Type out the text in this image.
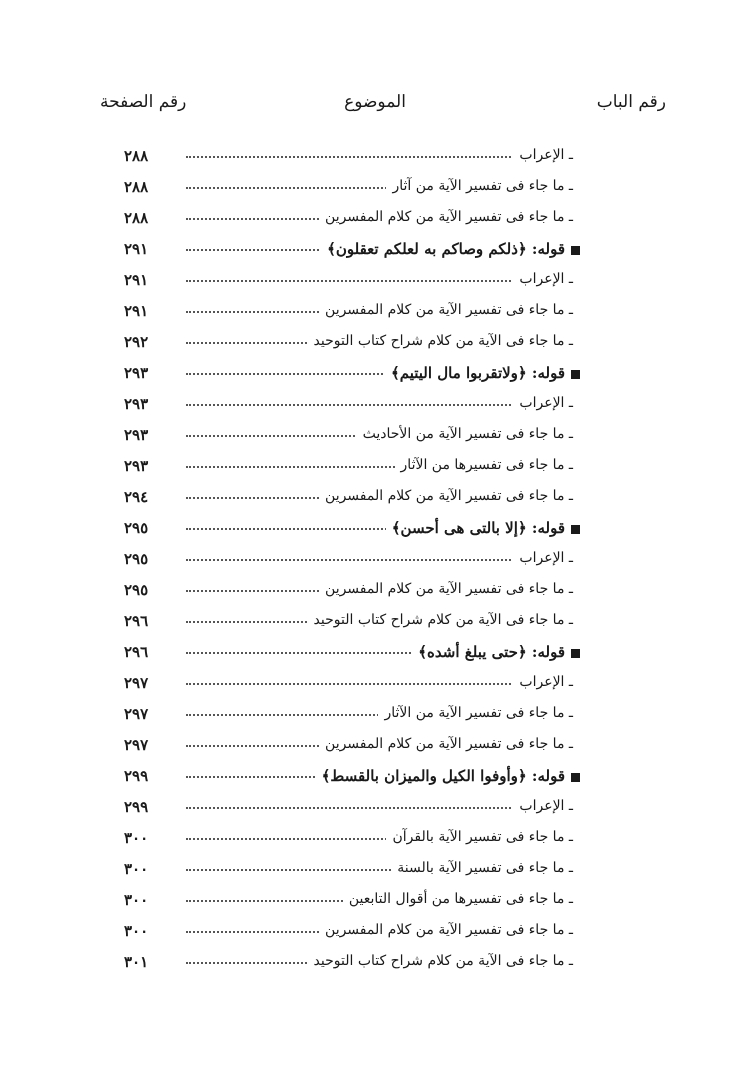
رقم الباب
الموضوع
رقم الصفحة
ـ الإعراب
٢٨٨
ـ ما جاء فى تفسير الآية من آثار
٢٨٨
ـ ما جاء فى تفسير الآية من كلام المفسرين
٢٨٨
قوله: ﴿ذلكم وصاكم به لعلكم تعقلون﴾
٢٩١
ـ الإعراب
٢٩١
ـ ما جاء فى تفسير الآية من كلام المفسرين
٢٩١
ـ ما جاء فى الآية من كلام شراح كتاب التوحيد
٢٩٢
قوله: ﴿ولاتقربوا مال اليتيم﴾
٢٩٣
ـ الإعراب
٢٩٣
ـ ما جاء فى تفسير الآية من الأحاديث
٢٩٣
ـ ما جاء فى تفسيرها من الآثار
٢٩٣
ـ ما جاء فى تفسير الآية من كلام المفسرين
٢٩٤
قوله: ﴿إلا بالتى هى أحسن﴾
٢٩٥
ـ الإعراب
٢٩٥
ـ ما جاء فى تفسير الآية من كلام المفسرين
٢٩٥
ـ ما جاء فى الآية من كلام شراح كتاب التوحيد
٢٩٦
قوله: ﴿حتى يبلغ أشده﴾
٢٩٦
ـ الإعراب
٢٩٧
ـ ما جاء فى تفسير الآية من الآثار
٢٩٧
ـ ما جاء فى تفسير الآية من كلام المفسرين
٢٩٧
قوله: ﴿وأوفوا الكيل والميزان بالقسط﴾
٢٩٩
ـ الإعراب
٢٩٩
ـ ما جاء فى تفسير الآية بالقرآن
٣٠٠
ـ ما جاء فى تفسير الآية بالسنة
٣٠٠
ـ ما جاء فى تفسيرها من أقوال التابعين
٣٠٠
ـ ما جاء فى تفسير الآية من كلام المفسرين
٣٠٠
ـ ما جاء فى الآية من كلام شراح كتاب التوحيد
٣٠١
